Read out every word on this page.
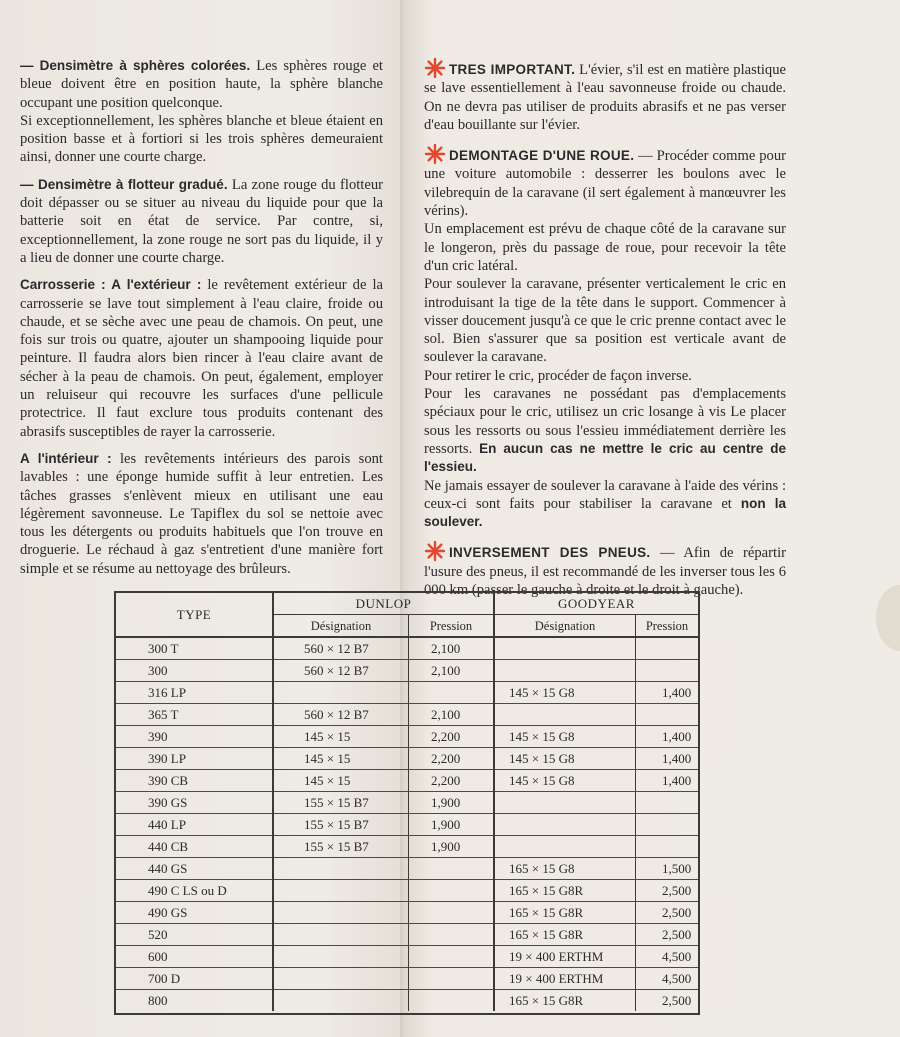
— Densimètre à sphères colorées. Les sphères rouge et bleue doivent être en position haute, la sphère blanche occupant une position quelconque.

Si exceptionnellement, les sphères blanche et bleue étaient en position basse et à fortiori si les trois sphères demeuraient ainsi, donner une courte charge.

— Densimètre à flotteur gradué. La zone rouge du flotteur doit dépasser ou se situer au niveau du liquide pour que la batterie soit en état de service. Par contre, si, exceptionnellement, la zone rouge ne sort pas du liquide, il y a lieu de donner une courte charge.

Carrosserie : A l'extérieur : le revêtement extérieur de la carrosserie se lave tout simplement à l'eau claire, froide ou chaude, et se sèche avec une peau de chamois. On peut, une fois sur trois ou quatre, ajouter un shampooing liquide pour peinture. Il faudra alors bien rincer à l'eau claire avant de sécher à la peau de chamois. On peut, également, employer un reluiseur qui recouvre les surfaces d'une pellicule protectrice. Il faut exclure tous produits contenant des abrasifs susceptibles de rayer la carrosserie.

A l'intérieur : les revêtements intérieurs des parois sont lavables : une éponge humide suffit à leur entretien. Les tâches grasses s'enlèvent mieux en utilisant une eau légèrement savonneuse. Le Tapiflex du sol se nettoie avec tous les détergents ou produits habituels que l'on trouve en droguerie. Le réchaud à gaz s'entretient d'une manière fort simple et se résume au nettoyage des brûleurs.

TRES IMPORTANT. L'évier, s'il est en matière plastique se lave essentiellement à l'eau savonneuse froide ou chaude. On ne devra pas utiliser de produits abrasifs et ne pas verser d'eau bouillante sur l'évier.

DEMONTAGE D'UNE ROUE. — Procéder comme pour une voiture automobile : desserrer les boulons avec le vilebrequin de la caravane (il sert également à manœuvrer les vérins).

Un emplacement est prévu de chaque côté de la caravane sur le longeron, près du passage de roue, pour recevoir la tête d'un cric latéral.

Pour soulever la caravane, présenter verticalement le cric en introduisant la tige de la tête dans le support. Commencer à visser doucement jusqu'à ce que le cric prenne contact avec le sol. Bien s'assurer que sa position est verticale avant de soulever la caravane.

Pour retirer le cric, procéder de façon inverse.

Pour les caravanes ne possédant pas d'emplacements spéciaux pour le cric, utilisez un cric losange à vis Le placer sous les ressorts ou sous l'essieu immédiatement derrière les ressorts. En aucun cas ne mettre le cric au centre de l'essieu.

Ne jamais essayer de soulever la caravane à l'aide des vérins : ceux-ci sont faits pour stabiliser la caravane et non la soulever.

INVERSEMENT DES PNEUS. — Afin de répartir l'usure des pneus, il est recommandé de les inverser tous les 6 000 km (passer le gauche à droite et le droit à gauche).

TYPE	DUNLOP		GOODYEAR	
	Désignation	Pression	Désignation	Pression
300 T	560 × 12 B7	2,100		
300	560 × 12 B7	2,100		
316 LP			145 × 15 G8	1,400
365 T	560 × 12 B7	2,100		
390	145 × 15	2,200	145 × 15 G8	1,400
390 LP	145 × 15	2,200	145 × 15 G8	1,400
390 CB	145 × 15	2,200	145 × 15 G8	1,400
390 GS	155 × 15 B7	1,900		
440 LP	155 × 15 B7	1,900		
440 CB	155 × 15 B7	1,900		
440 GS			165 × 15 G8	1,500
490 C LS ou D			165 × 15 G8R	2,500
490 GS			165 × 15 G8R	2,500
520			165 × 15 G8R	2,500
600			19 × 400 ERTHM	4,500
700 D			19 × 400 ERTHM	4,500
800			165 × 15 G8R	2,500
